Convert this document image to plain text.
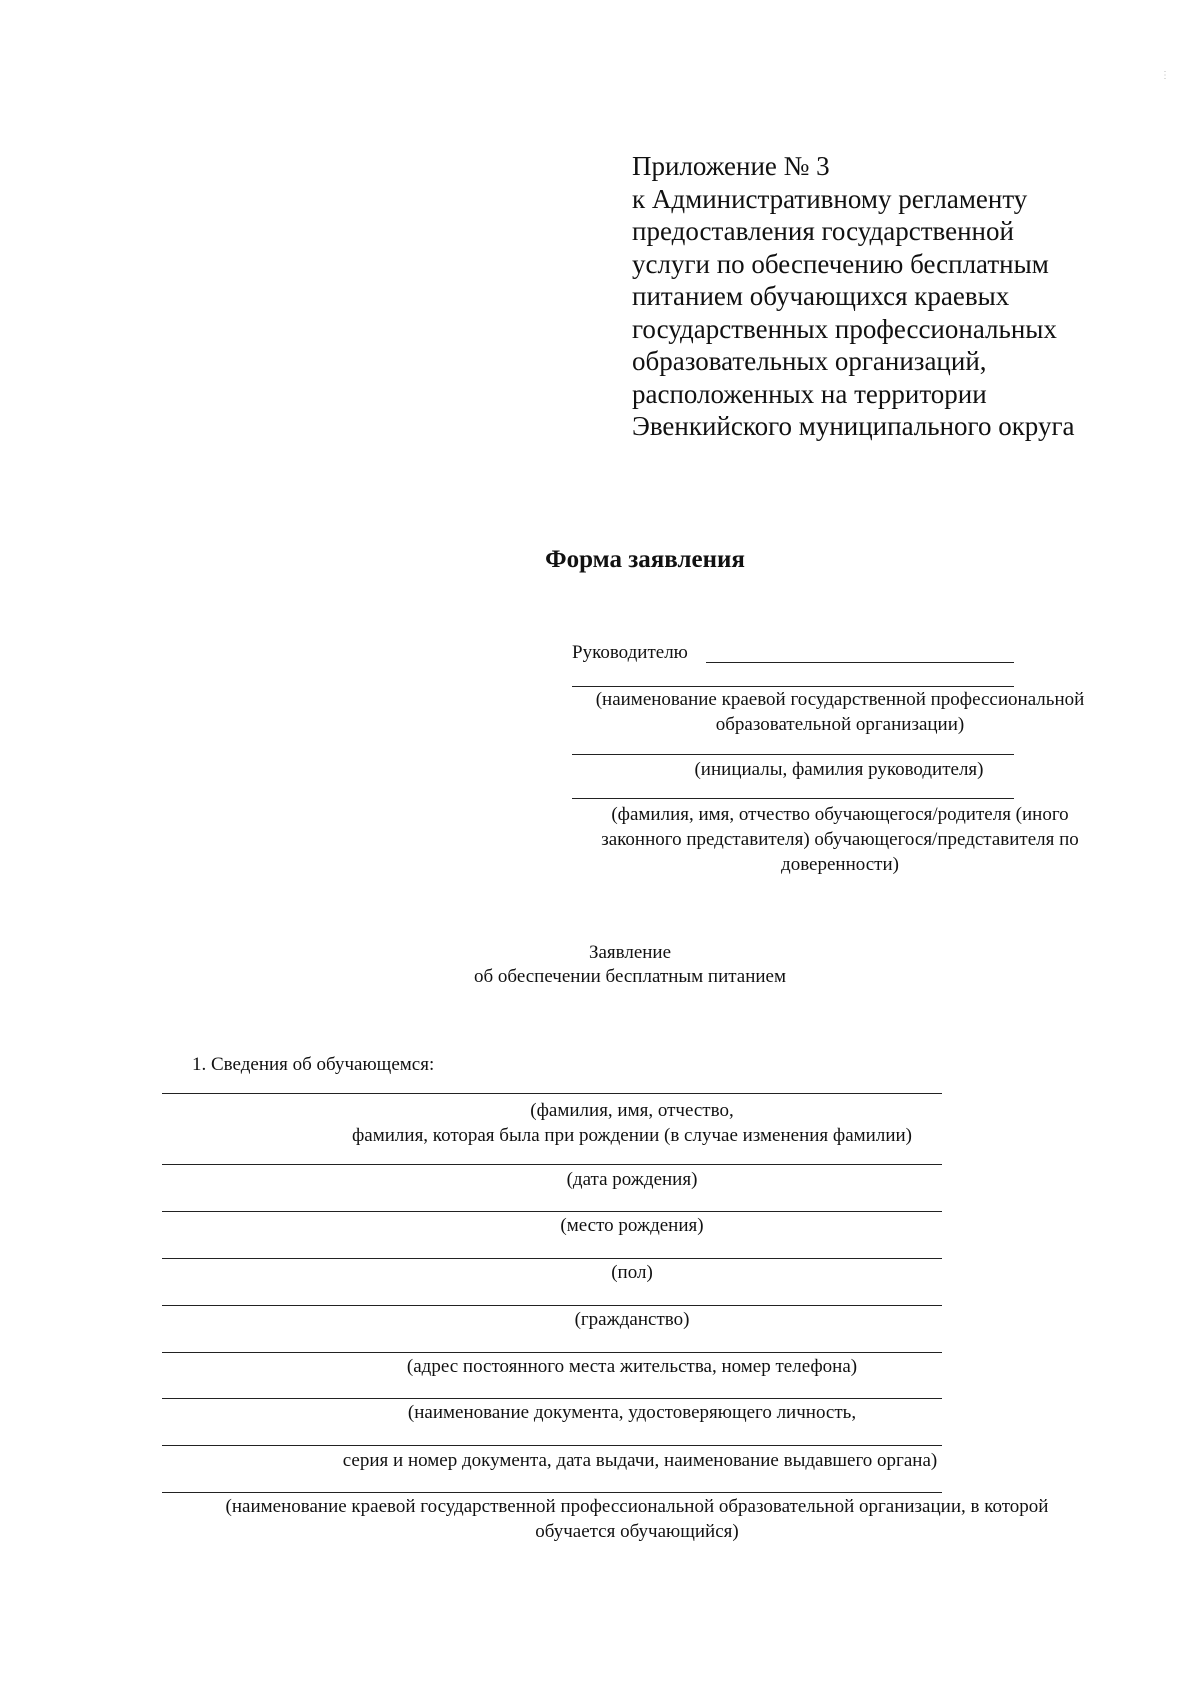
Приложение № 3
к Административному регламенту
предоставления государственной
услуги по обеспечению бесплатным
питанием обучающихся краевых
государственных профессиональных
образовательных организаций,
расположенных на территории
Эвенкийского муниципального округа
Форма заявления
Руководителю
(наименование краевой государственной профессиональной
образовательной организации)
(инициалы, фамилия руководителя)
(фамилия, имя, отчество обучающегося/родителя (иного
законного представителя) обучающегося/представителя по
доверенности)
Заявление
об обеспечении бесплатным питанием
1. Сведения об обучающемся:
(фамилия, имя, отчество,
фамилия, которая была при рождении (в случае изменения фамилии)
(дата рождения)
(место рождения)
(пол)
(гражданство)
(адрес постоянного места жительства, номер телефона)
(наименование документа, удостоверяющего личность,
серия и номер документа, дата выдачи, наименование выдавшего органа)
(наименование краевой государственной профессиональной образовательной организации, в которой
обучается обучающийся)
⋮
